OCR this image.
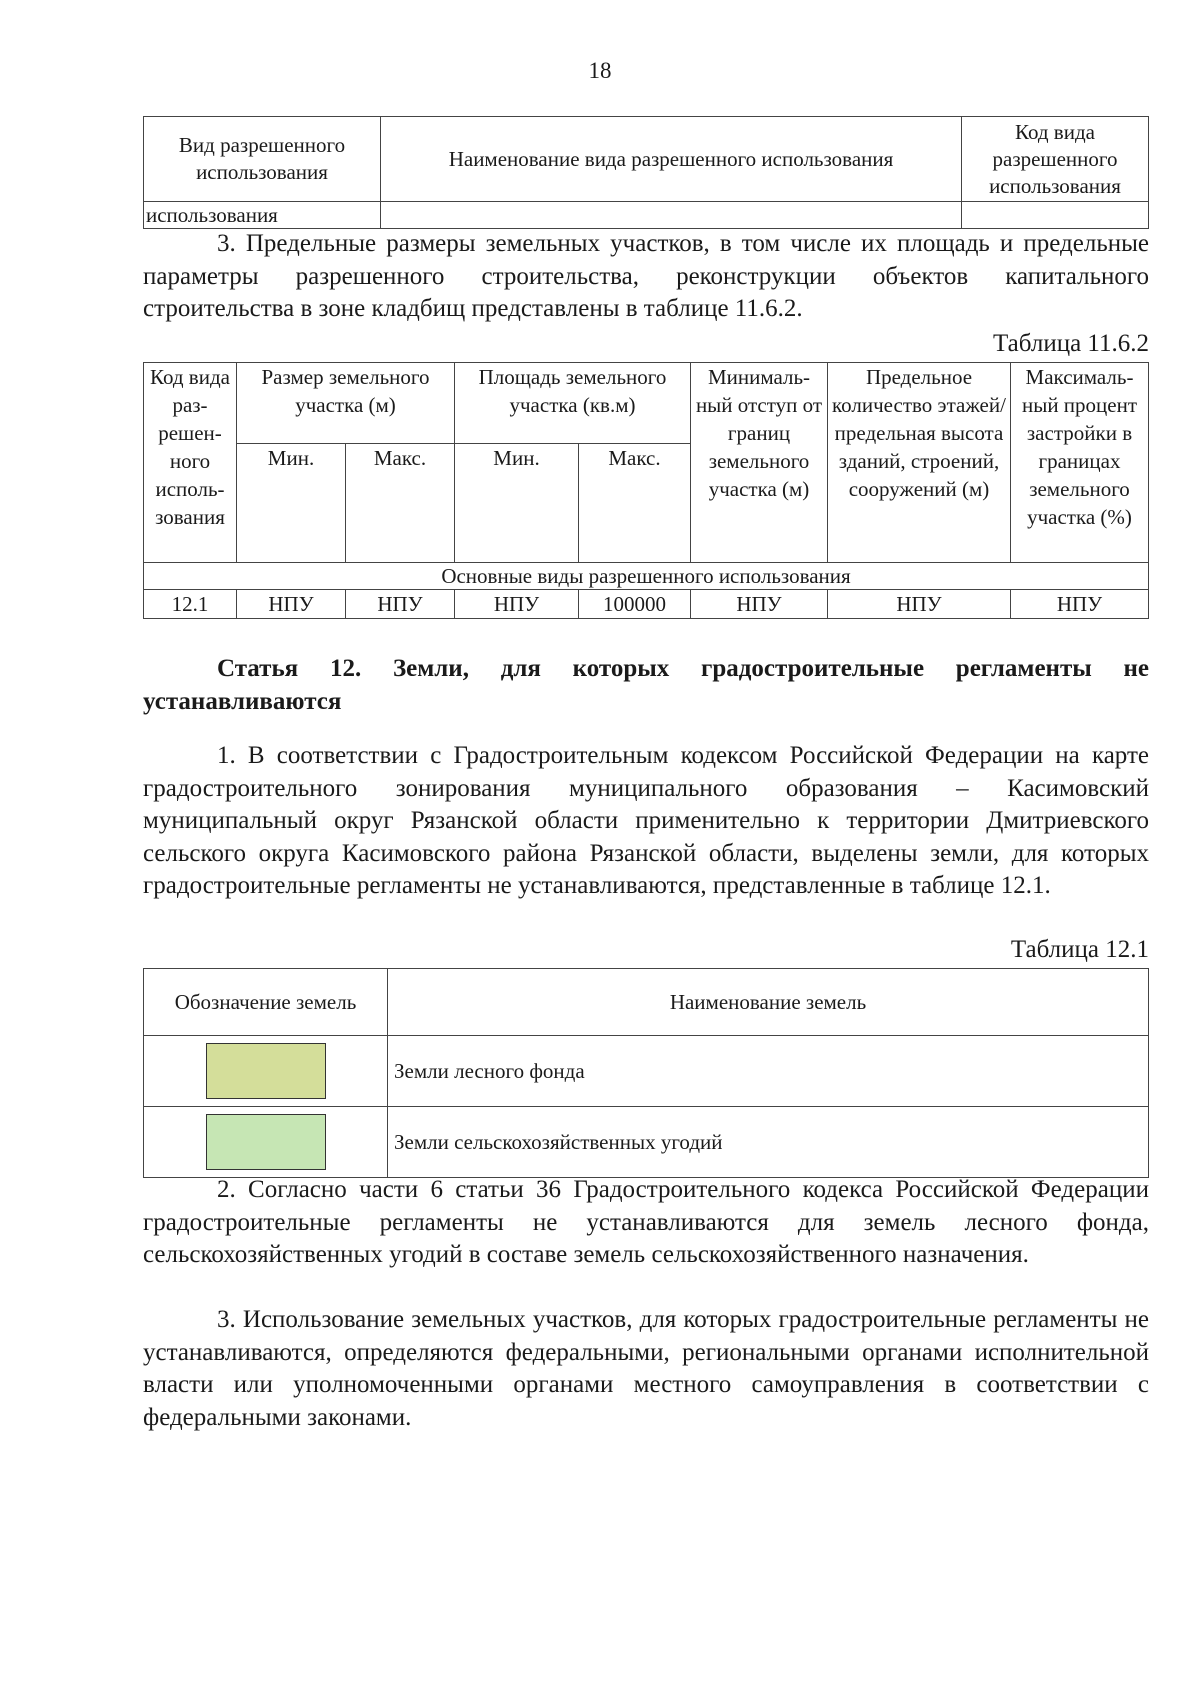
18
Вид разрешенного использования	Наименование вида разрешенного использования	Код вида разрешенного использования
использования		
3. Предельные размеры земельных участков, в том числе их площадь и предельные параметры разрешенного строительства, реконструкции объектов капитального строительства в зоне кладбищ представлены в таблице 11.6.2.
Таблица 11.6.2
Код вида раз-решен-ного исполь-зования	Размер земельного участка (м)		Площадь земельного участка (кв.м)		Минималь-ный отступ от границ земельного участка (м)	Предельное количество этажей/ предельная высота зданий, строений, сооружений (м)	Максималь-ный процент застройки в границах земельного участка (%)
	Мин.	Макс.	Мин.	Макс.			
Основные виды разрешенного использования							
12.1	НПУ	НПУ	НПУ	100000	НПУ	НПУ	НПУ
Статья 12. Земли, для которых градостроительные регламенты не устанавливаются
1. В соответствии с Градостроительным кодексом Российской Федерации на карте градостроительного зонирования муниципального образования – Касимовский муниципальный округ Рязанской области применительно к территории Дмитриевского сельского округа Касимовского района Рязанской области, выделены земли, для которых градостроительные регламенты не устанавливаются, представленные в таблице 12.1.
Таблица 12.1
Обозначение земель	Наименование земель
	Земли лесного фонда
	Земли сельскохозяйственных угодий
2. Согласно части 6 статьи 36 Градостроительного кодекса Российской Федерации градостроительные регламенты не устанавливаются для земель лесного фонда, сельскохозяйственных угодий в составе земель сельскохозяйственного назначения.
3. Использование земельных участков, для которых градостроительные регламенты не устанавливаются, определяются федеральными, региональными органами исполнительной власти или уполномоченными органами местного самоуправления в соответствии с федеральными законами.
